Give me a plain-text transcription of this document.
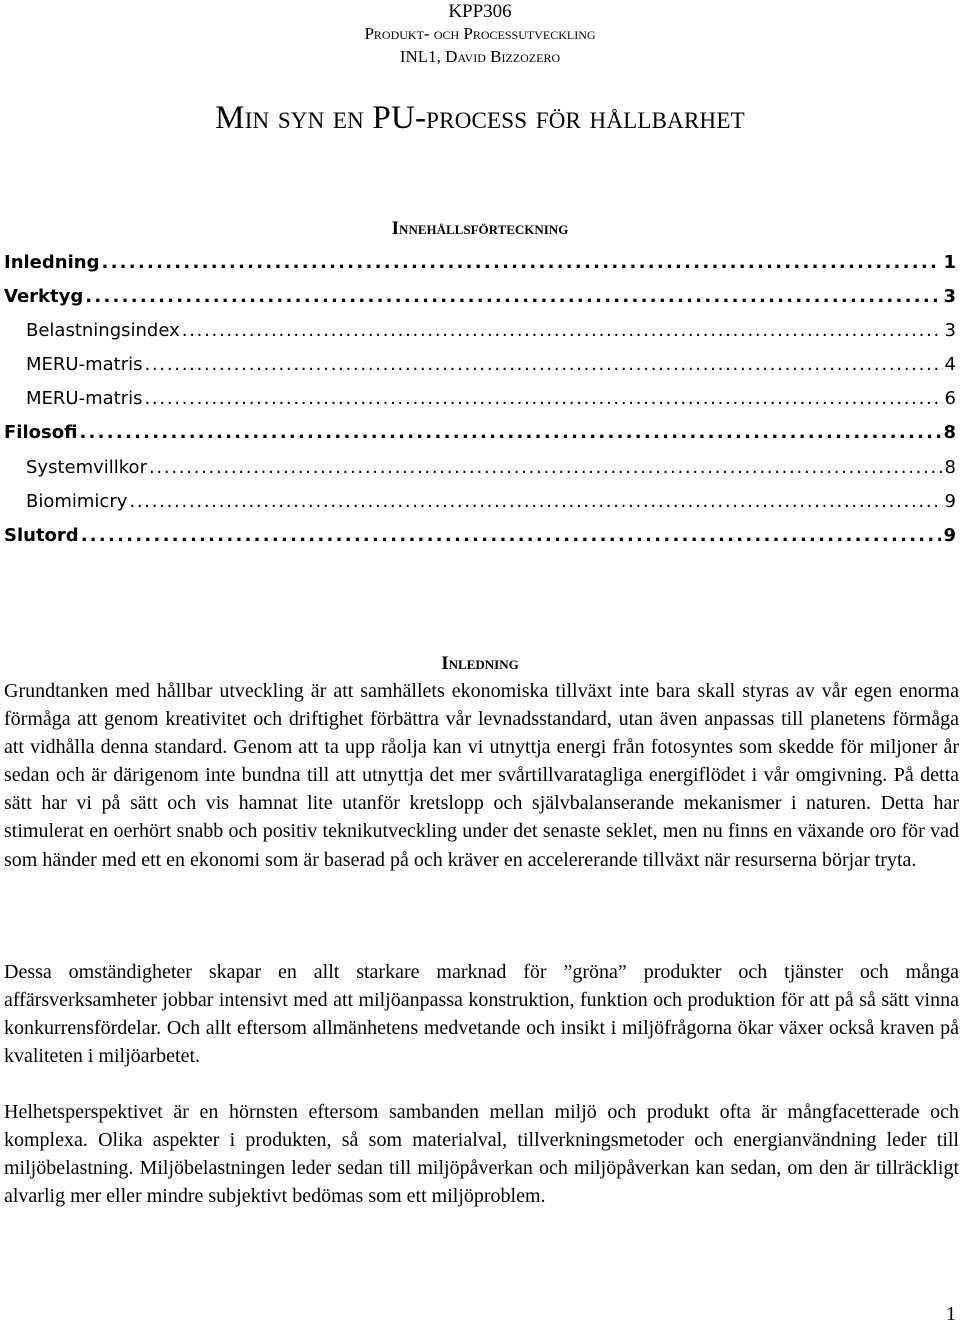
KPP306
Produkt- och Processutveckling
INL1, David Bizzozero
Min syn en PU-process för hållbarhet
Innehållsförteckning
Inledning . . .	1
Verktyg . . .	3
Belastningsindex . . .	3
MERU-matris . . .	4
MERU-matris . . .	6
Filosofi . . .	8
Systemvillkor . . .	8
Biomimicry . . .	9
Slutord . . .	9
Inledning

Grundtanken med hållbar utveckling är att samhällets ekonomiska tillväxt inte bara skall styras av vår egen enorma förmåga att genom kreativitet och driftighet förbättra vår levnadsstandard, utan även anpassas till planetens förmåga att vidhålla denna standard. Genom att ta upp råolja kan vi utnyttja energi från fotosyntes som skedde för miljoner år sedan och är därigenom inte bundna till att utnyttja det mer svårtillvaratagliga energiflödet i vår omgivning. På detta sätt har vi på sätt och vis hamnat lite utanför kretslopp och självbalanserande mekanismer i naturen. Detta har stimulerat en oerhört snabb och positiv teknikutveckling under det senaste seklet, men nu finns en växande oro för vad som händer med ett en ekonomi som är baserad på och kräver en accelererande tillväxt när resurserna börjar tryta.

Dessa omständigheter skapar en allt starkare marknad för ”gröna” produkter och tjänster och många affärsverksamheter jobbar intensivt med att miljöanpassa konstruktion, funktion och produktion för att på så sätt vinna konkurrensfördelar. Och allt eftersom allmänhetens medvetande och insikt i miljöfrågorna ökar växer också kraven på kvaliteten i miljöarbetet.

Helhetsperspektivet är en hörnsten eftersom sambanden mellan miljö och produkt ofta är mångfacetterade och komplexa. Olika aspekter i produkten, så som materialval, tillverkningsmetoder och energianvändning leder till miljöbelastning. Miljöbelastningen leder sedan till miljöpåverkan och miljöpåverkan kan sedan, om den är tillräckligt alvarlig mer eller mindre subjektivt bedömas som ett miljöproblem.

1
